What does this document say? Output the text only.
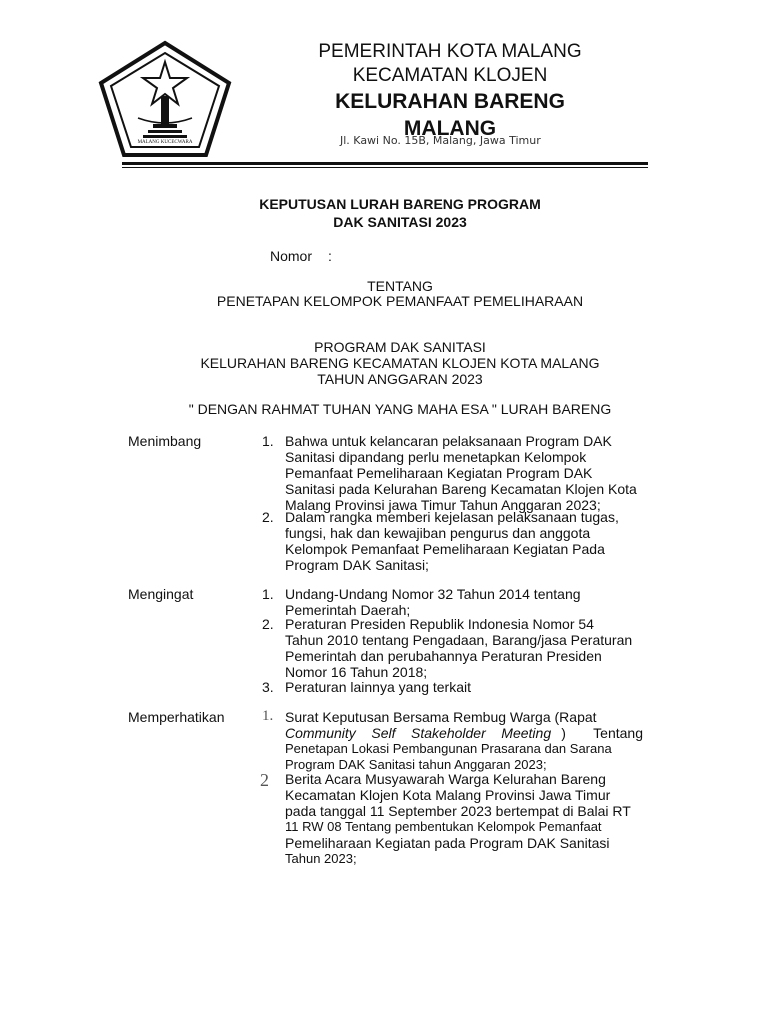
MALANG KUCECWARA
PEMERINTAH KOTA MALANG
KECAMATAN KLOJEN
KELURAHAN BARENG
MALANG
Jl. Kawi No. 15B, Malang, Jawa Timur
KEPUTUSAN LURAH BARENG PROGRAM
DAK SANITASI 2023
Nomor :
TENTANG
PENETAPAN KELOMPOK PEMANFAAT PEMELIHARAAN
PROGRAM DAK SANITASI
KELURAHAN BARENG KECAMATAN KLOJEN KOTA MALANG
TAHUN ANGGARAN 2023
" DENGAN RAHMAT TUHAN YANG MAHA ESA " LURAH BARENG
Menimbang	1. Bahwa untuk kelancaran pelaksanaan Program DAK
Sanitasi dipandang perlu menetapkan Kelompok
Pemanfaat Pemeliharaan Kegiatan Program DAK
Sanitasi pada Kelurahan Bareng Kecamatan Klojen Kota
Malang Provinsi jawa Timur Tahun Anggaran 2023;
2. Dalam rangka memberi kejelasan pelaksanaan tugas,
fungsi, hak dan kewajiban pengurus dan anggota
Kelompok Pemanfaat Pemeliharaan Kegiatan Pada
Program DAK Sanitasi;
Mengingat	1. Undang-Undang Nomor 32 Tahun 2014 tentang
Pemerintah Daerah;
2. Peraturan Presiden Republik Indonesia Nomor 54
Tahun 2010 tentang Pengadaan, Barang/jasa Peraturan
Pemerintah dan perubahannya Peraturan Presiden
Nomor 16 Tahun 2018;
3. Peraturan lainnya yang terkait
Memperhatikan	1. Surat Keputusan Bersama Rembug Warga (Rapat
Community    Self    Stakeholder    Meeting )       Tentang
Penetapan Lokasi Pembangunan Prasarana dan Sarana
Program DAK Sanitasi tahun Anggaran 2023;
2 Berita Acara Musyawarah Warga Kelurahan Bareng
Kecamatan Klojen Kota Malang Provinsi Jawa Timur
pada tanggal 11 September 2023 bertempat di Balai RT
11 RW 08 Tentang pembentukan Kelompok Pemanfaat
Pemeliharaan Kegiatan pada Program DAK Sanitasi
Tahun 2023;
